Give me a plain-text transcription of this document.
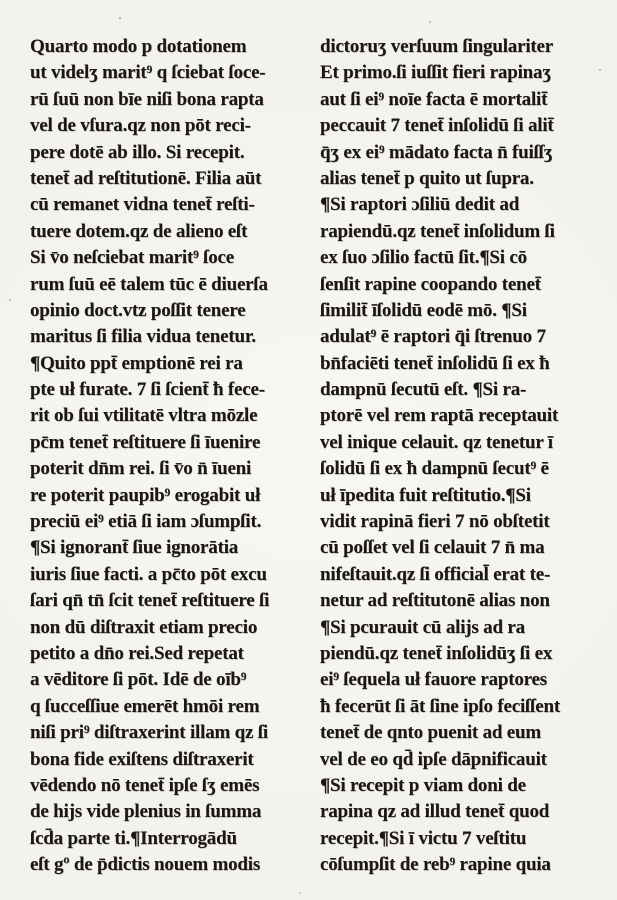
Quarto modo p dotationem
ut videlʒ marit⁹ q ſciebat ſoce-
rū ſuū non bīe niſi bona rapta
vel de vſura.qz non pōt reci-
pere dotē ab illo. Si recepit.
tenet̄ ad reſtitutionē. Filia aūt
cū remanet vidna tenet̄ reſti-
tuere dotem.qz de alieno eſt
Si v̄o neſciebat marit⁹ ſoce
rum ſuū eē talem tūc ē diuerſa
opinio doct.vtz poſſit tenere
maritus ſi filia vidua tenetur.
¶Quito ppt̄ emptionē rei ra
pte uł furate. 7 ſi ſcient̄ ħ fece-
rit ob ſui vtilitatē vltra mōzle
pc̄m tenet̄ reſtituere ſi īuenire
poterit dn̄m rei. ſi v̄o n̄ īueni
re poterit paupib⁹ erogabit uł
preciū ei⁹ etiā ſi iam ɔſumpſit.
¶Si ignorant̄ ſiue ignorātia
iuris ſiue facti. a pc̄to pōt excu
ſari qn̄ tn̄ ſcit tenet̄ reſtituere ſi
non dū diſtraxit etiam precio
petito a dn̄o rei.Sed repetat
a vēditore ſi pōt. Idē de oīb⁹
q ſucceſſiue emerēt hmōi rem
niſi pri⁹ diſtraxerint illam qz ſi
bona fide exiſtens diſtraxerit
vēdendo nō tenet̄ ipſe ſʒ emēs
de hijs vide plenius in ſumma
ſcd̄a parte ti.¶Interrogādū
eſt gº de p̄dictis nouem modis
dictoruʒ verſuum ſingulariter
Et primo.ſi iuſſit fieri rapinaʒ
aut ſi ei⁹ noīe facta ē mortalit̄
peccauit 7 tenet̄ inſolidū ſi alit̄
q̄ʒ ex ei⁹ mādato facta n̄ fuiſſʒ
alias tenet̄ p quito ut ſupra.
¶Si raptori ɔſiliū dedit ad
rapiendū.qz tenet̄ inſolidum ſi
ex ſuo ɔſilio factū ſit.¶Si cō
ſenſit rapine coopando tenet̄
ſimilit̄ īſolidū eodē mō. ¶Si
adulat⁹ ē raptori q̄i ſtrenuo 7
bn̄faciēti tenet̄ inſolidū ſi ex ħ
dampnū ſecutū eſt. ¶Si ra-
ptorē vel rem raptā receptauit
vel inique celauit. qz tenetur ī
ſolidū ſi ex ħ dampnū ſecut⁹ ē
uł īpedita fuit reſtitutio.¶Si
vidit rapinā fieri 7 nō obſtetit
cū poſſet vel ſi celauit 7 n̄ ma
nifeſtauit.qz ſi official̄ erat te-
netur ad reſtitutonē alias non
¶Si pcurauit cū alijs ad ra
piendū.qz tenet̄ inſolidūʒ ſi ex
ei⁹ ſequela uł fauore raptores
ħ fecerūt ſi āt ſine ipſo feciſſent
tenet̄ de qnto puenit ad eum
vel de eo qd̄ ipſe dāpnificauit
¶Si recepit p viam doni de
rapina qz ad illud tenet̄ quod
recepit.¶Si ī victu 7 veſtitu
cōſumpſit de reb⁹ rapine quia
